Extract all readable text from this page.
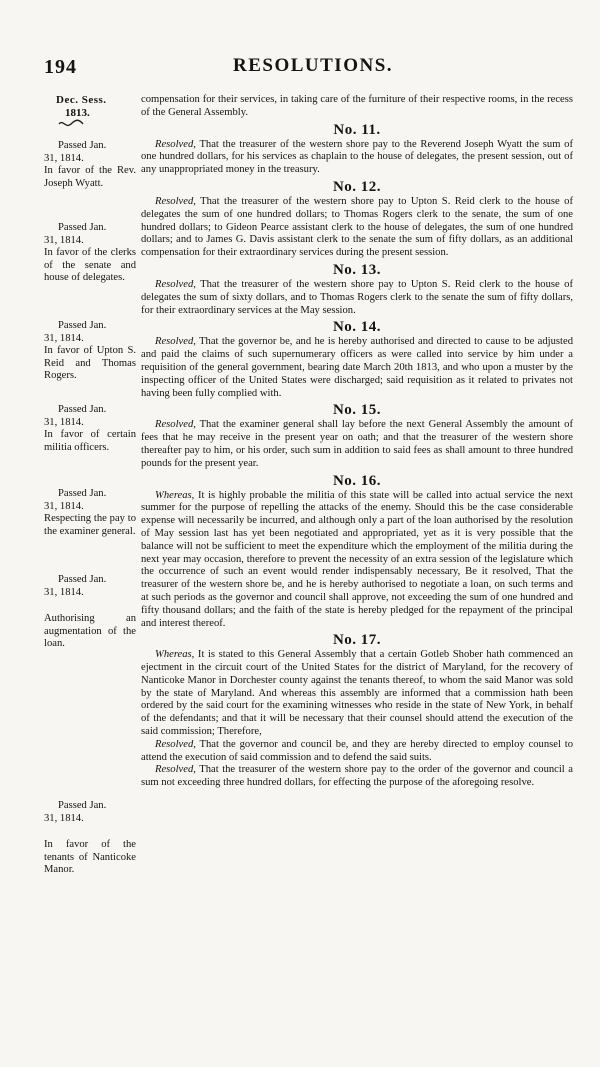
194	RESOLUTIONS.
Dec. Sess.
1813.
Passed Jan.
31, 1814.
In favor of the Rev. Joseph Wyatt.
Passed Jan.
31, 1814.
In favor of the clerks of the senate and house of delegates.
Passed Jan.
31, 1814.
In favor of Upton S. Reid and Thomas Rogers.
Passed Jan.
31, 1814.
In favor of certain militia officers.
Passed Jan.
31, 1814.
Respecting the pay to the examiner general.
Passed Jan.
31, 1814.
Authorising an augmentation of the loan.
Passed Jan.
31, 1814.
In favor of the tenants of Nanticoke Manor.
compensation for their services, in taking care of the furniture of their respective rooms, in the recess of the General Assembly.
No. 11.

Resolved, That the treasurer of the western shore pay to the Reverend Joseph Wyatt the sum of one hundred dollars, for his services as chaplain to the house of delegates, the present session, out of any unappropriated money in the treasury.

No. 12.

Resolved, That the treasurer of the western shore pay to Upton S. Reid clerk to the house of delegates the sum of one hundred dollars; to Thomas Rogers clerk to the senate, the sum of one hundred dollars; to Gideon Pearce assistant clerk to the house of delegates, the sum of one hundred dollars; and to James G. Davis assistant clerk to the senate the sum of fifty dollars, as an additional compensation for their extraordinary services during the present session.

No. 13.

Resolved, That the treasurer of the western shore pay to Upton S. Reid clerk to the house of delegates the sum of sixty dollars, and to Thomas Rogers clerk to the senate the sum of fifty dollars, for their extraordinary services at the May session.

No. 14.

Resolved, That the governor be, and he is hereby authorised and directed to cause to be adjusted and paid the claims of such supernumerary officers as were called into service by him under a requisition of the general government, bearing date March 20th 1813, and who upon a muster by the inspecting officer of the United States were discharged; said requisition as it related to privates not having been fully complied with.

No. 15.

Resolved, That the examiner general shall lay before the next General Assembly the amount of fees that he may receive in the present year on oath; and that the treasurer of the western shore thereafter pay to him, or his order, such sum in addition to said fees as shall amount to three hundred pounds for the present year.

No. 16.

Whereas, It is highly probable the militia of this state will be called into actual service the next summer for the purpose of repelling the attacks of the enemy. Should this be the case considerable expense will necessarily be incurred, and although only a part of the loan authorised by the resolution of May session last has yet been negotiated and appropriated, yet as it is very possible that the balance will not be sufficient to meet the expenditure which the employment of the militia during the next year may occasion, therefore to prevent the necessity of an extra session of the legislature which the occurrence of such an event would render indispensably necessary, Be it resolved, That the treasurer of the western shore be, and he is hereby authorised to negotiate a loan, on such terms and at such periods as the governor and council shall approve, not exceeding the sum of one hundred and fifty thousand dollars; and the faith of the state is hereby pledged for the repayment of the principal and interest thereof.

No. 17.

Whereas, It is stated to this General Assembly that a certain Gotleb Shober hath commenced an ejectment in the circuit court of the United States for the district of Maryland, for the recovery of Nanticoke Manor in Dorchester county against the tenants thereof, to whom the said Manor was sold by the state of Maryland. And whereas this assembly are informed that a commission hath been ordered by the said court for the examining witnesses who reside in the state of New York, in behalf of the defendants; and that it will be necessary that their counsel should attend the execution of the said commission; Therefore,

Resolved, That the governor and council be, and they are hereby directed to employ counsel to attend the execution of said commission and to defend the said suits.

Resolved, That the treasurer of the western shore pay to the order of the governor and council a sum not exceeding three hundred dollars, for effecting the purpose of the aforegoing resolve.
